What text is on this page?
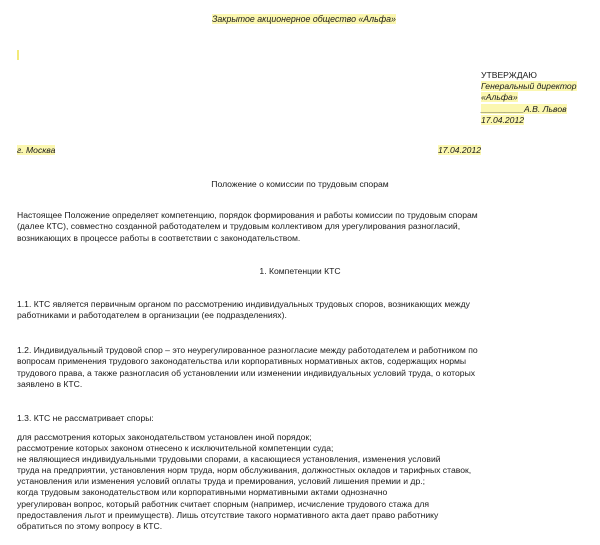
Закрытое акционерное общество «Альфа»
УТВЕРЖДАЮ
Генеральный директор
«Альфа»
_________А.В. Львов
17.04.2012
г. Москва	17.04.2012
Положение о комиссии по трудовым спорам
Настоящее Положение определяет компетенцию, порядок формирования и работы комиссии по трудовым спорам
(далее КТС), совместно созданной работодателем и трудовым коллективом для урегулирования разногласий,
возникающих в процессе работы в соответствии с законодательством.
1. Компетенции КТС
1.1. КТС является первичным органом по рассмотрению индивидуальных трудовых споров, возникающих между
работниками и работодателем в организации (ее подразделениях).
1.2. Индивидуальный трудовой спор – это неурегулированное разногласие между работодателем и работником по
вопросам применения трудового законодательства или корпоративных нормативных актов, содержащих нормы
трудового права, а также разногласия об установлении или изменении индивидуальных условий труда, о которых
заявлено в КТС.
1.3. КТС не рассматривает споры:
для рассмотрения которых законодательством установлен иной порядок;
рассмотрение которых законом отнесено к исключительной компетенции суда;
не являющиеся индивидуальными трудовыми спорами, а касающиеся установления, изменения условий
труда на предприятии, установления норм труда, норм обслуживания, должностных окладов и тарифных ставок,
установления или изменения условий оплаты труда и премирования, условий лишения премии и др.;
когда трудовым законодательством или корпоративными нормативными актами однозначно
урегулирован вопрос, который работник считает спорным (например, исчисление трудового стажа для
предоставления льгот и преимуществ). Лишь отсутствие такого нормативного акта дает право работнику
обратиться по этому вопросу в КТС.
